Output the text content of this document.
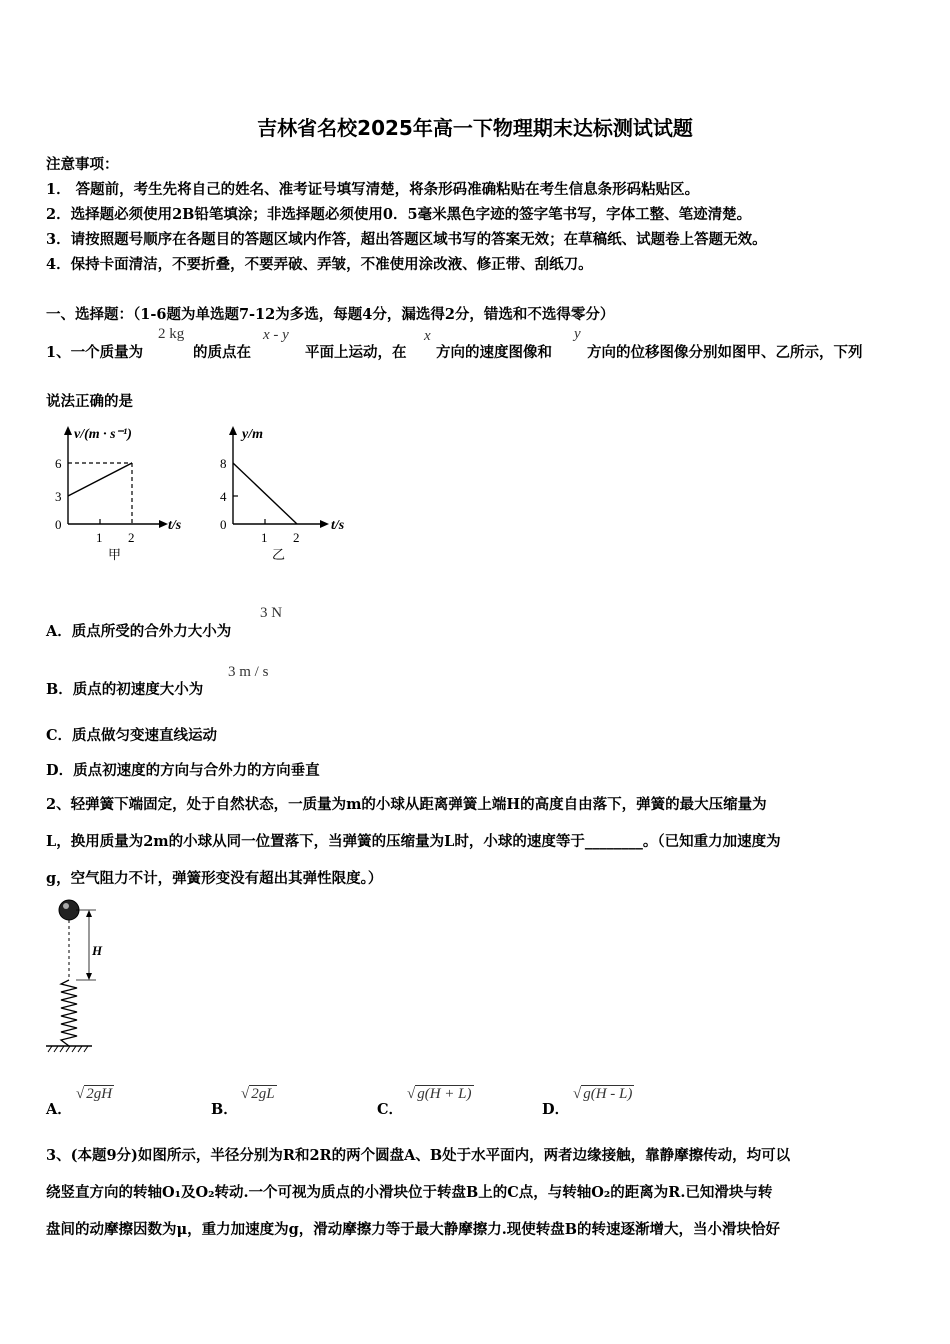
吉林省名校2025年高一下物理期末达标测试试题
注意事项：
1． 答题前，考生先将自己的姓名、准考证号填写清楚，将条形码准确粘贴在考生信息条形码粘贴区。
2．选择题必须使用2B铅笔填涂；非选择题必须使用0．5毫米黑色字迹的签字笔书写，字体工整、笔迹清楚。
3．请按照题号顺序在各题目的答题区域内作答，超出答题区域书写的答案无效；在草稿纸、试题卷上答题无效。
4．保持卡面清洁，不要折叠，不要弄破、弄皱，不准使用涂改液、修正带、刮纸刀。
一、选择题：（1-6题为单选题7-12为多选，每题4分，漏选得2分，错选和不选得零分）
1、一个质量为
2 kg
的质点在
x - y
平面上运动，在
x
方向的速度图像和
y
方向的位移图像分别如图甲、乙所示，下列
说法正确的是
v/(m · s⁻¹)
6
3
0
1 2
t/s
甲
y/m
8
4
0
1 2
t/s
乙
A．质点所受的合外力大小为
3 N
B．质点的初速度大小为
3 m / s
C．质点做匀变速直线运动
D．质点初速度的方向与合外力的方向垂直
2、轻弹簧下端固定，处于自然状态，一质量为m的小球从距离弹簧上端H的高度自由落下，弹簧的最大压缩量为
L，换用质量为2m的小球从同一位置落下，当弹簧的压缩量为L时，小球的速度等于________。（已知重力加速度为
g，空气阻力不计，弹簧形变没有超出其弹性限度。）
H
A．
√ 2gH
B．
√ 2gL
C．
√ g(H + L)
D．
√ g(H - L)
3、(本题9分)如图所示，半径分别为R和2R的两个圆盘A、B处于水平面内，两者边缘接触，靠静摩擦传动，均可以
绕竖直方向的转轴O₁及O₂转动.一个可视为质点的小滑块位于转盘B上的C点，与转轴O₂的距离为R.已知滑块与转
盘间的动摩擦因数为μ，重力加速度为g，滑动摩擦力等于最大静摩擦力.现使转盘B的转速逐渐增大，当小滑块恰好
